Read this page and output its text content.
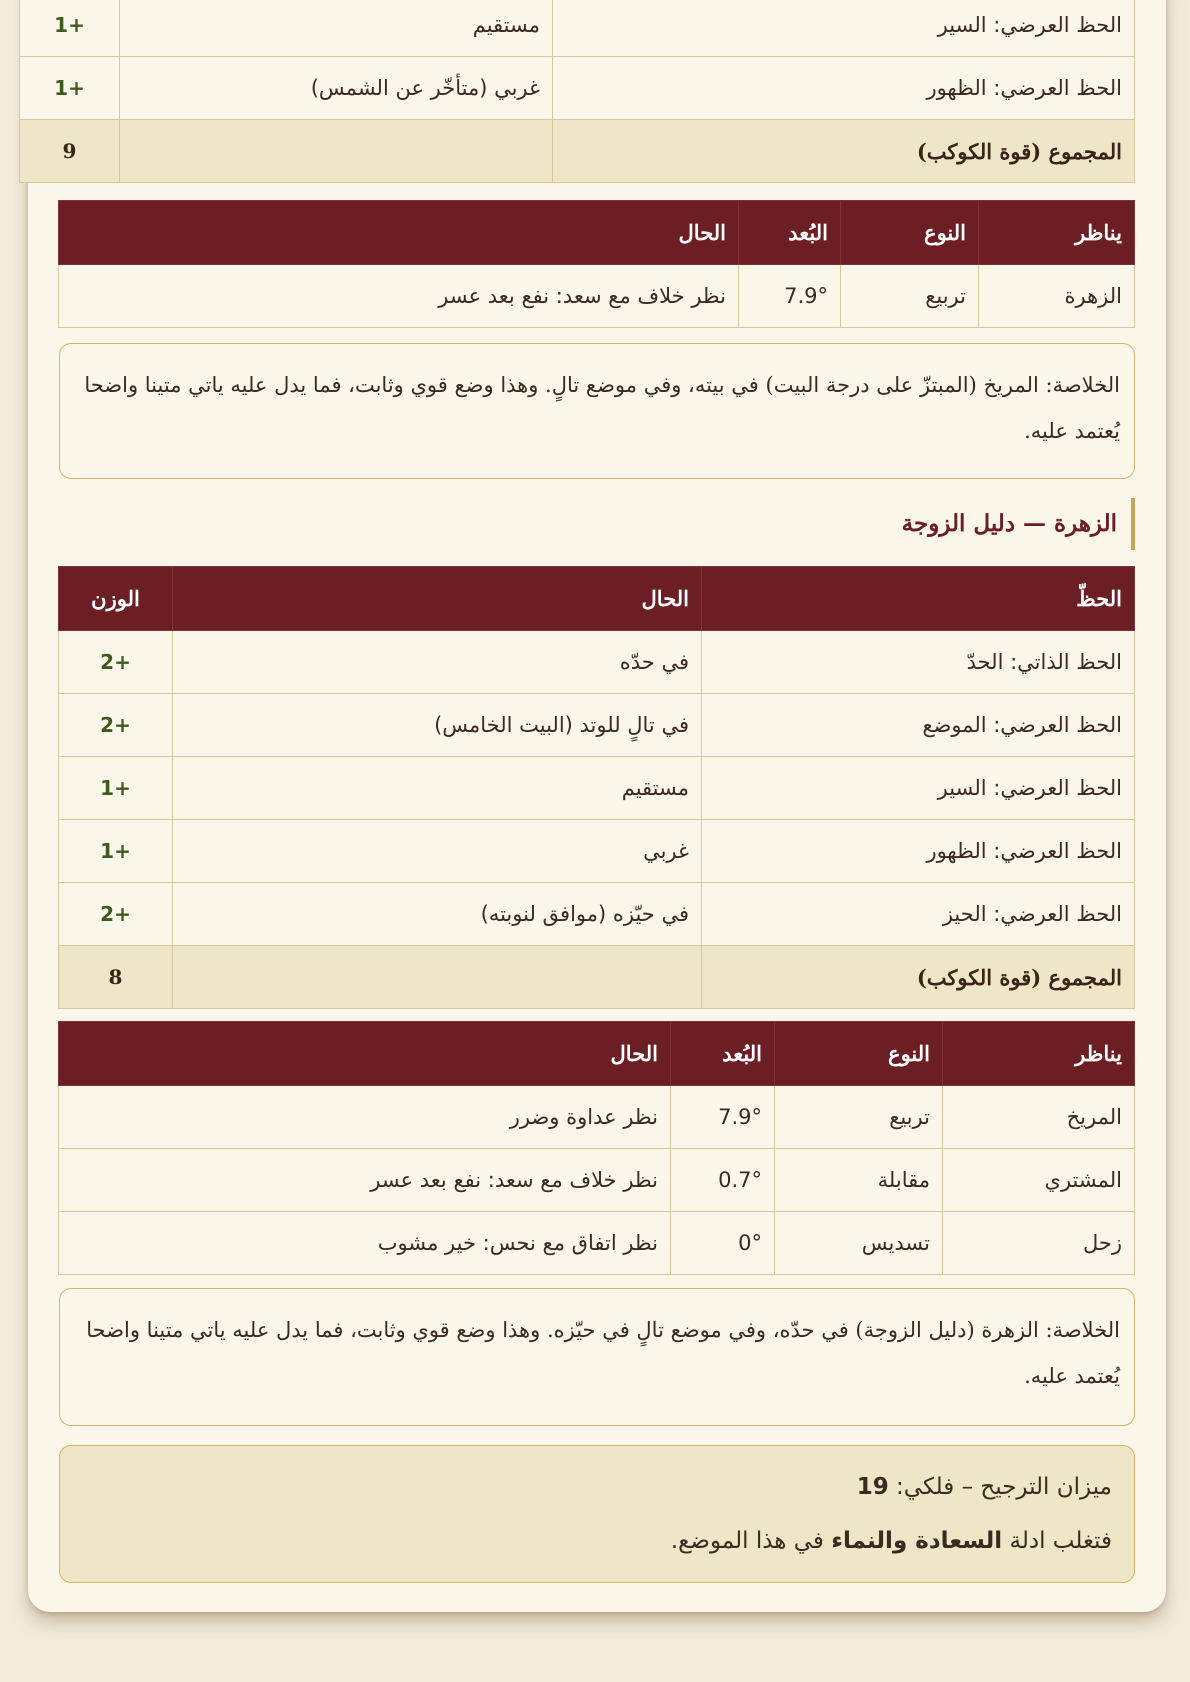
الحظ العرضي: السير	مستقيم	1+
الحظ العرضي: الظهور	غربي (متأخّر عن الشمس)	1+
المجموع (قوة الكوكب)		9
يناظر	النوع	البُعد	الحال
الزهرة	تربيع	7.9°	نظر خلاف مع سعد: نفع بعد عسر
الخلاصة: المريخ (المبتزّ على درجة البيت) في بيته، وفي موضع تالٍ. وهذا وضع قوي وثابت، فما يدل عليه ياتي متينا واضحا يُعتمد عليه.
الزهرة — دليل الزوجة
الحظّ	الحال	الوزن
الحظ الذاتي: الحدّ	في حدّه	2+
الحظ العرضي: الموضع	في تالٍ للوتد (البيت الخامس)	2+
الحظ العرضي: السير	مستقيم	1+
الحظ العرضي: الظهور	غربي	1+
الحظ العرضي: الحيز	في حيّزه (موافق لنوبته)	2+
المجموع (قوة الكوكب)		8
يناظر	النوع	البُعد	الحال
المريخ	تربيع	7.9°	نظر عداوة وضرر
المشتري	مقابلة	0.7°	نظر خلاف مع سعد: نفع بعد عسر
زحل	تسديس	0°	نظر اتفاق مع نحس: خير مشوب
الخلاصة: الزهرة (دليل الزوجة) في حدّه، وفي موضع تالٍ في حيّزه. وهذا وضع قوي وثابت، فما يدل عليه ياتي متينا واضحا يُعتمد عليه.
ميزان الترجيح – فلكي: 19
فتغلب ادلة السعادة والنماء في هذا الموضع.
